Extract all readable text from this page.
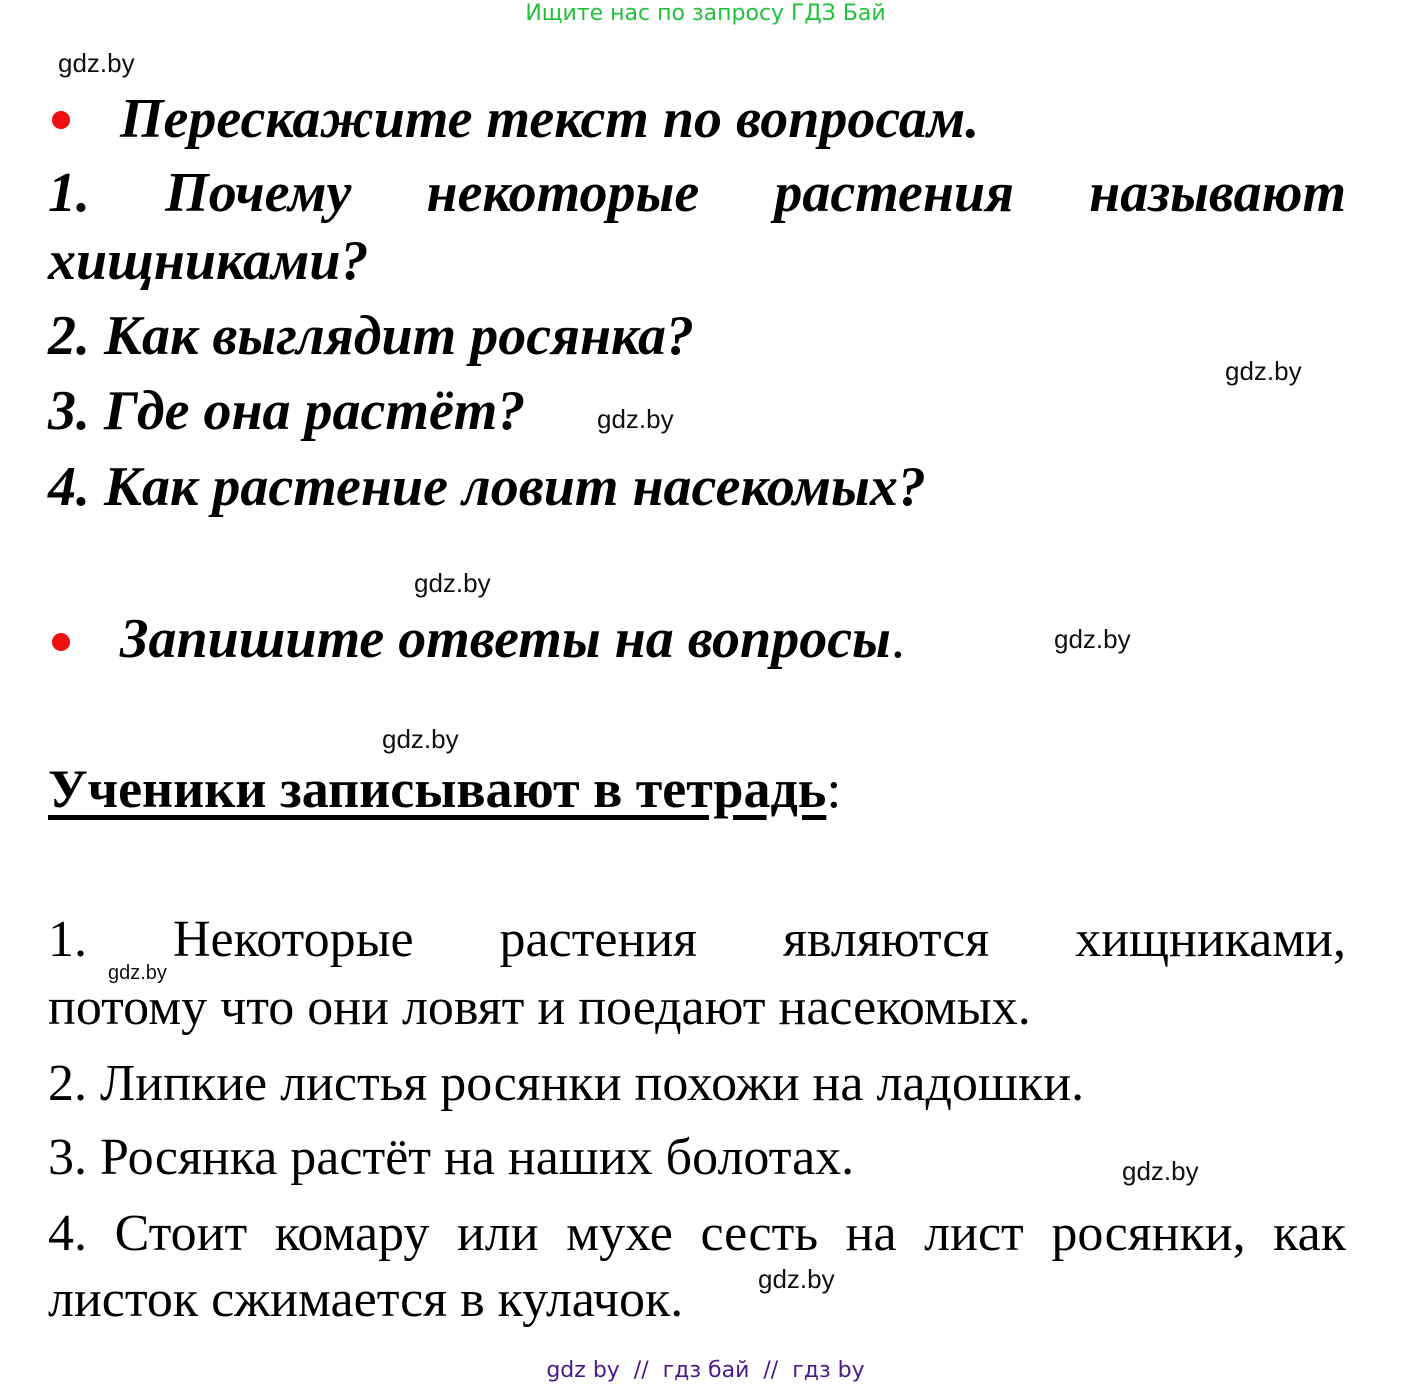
Ищите нас по запросу ГДЗ Бай
gdz.by
gdz.by
gdz.by
gdz.by
gdz.by
gdz.by
gdz.by
gdz.by
gdz.by
Перескажите текст по вопросам.
1. Почему некоторые растения называют
хищниками?
2. Как выглядит росянка?
3. Где она растёт?
4. Как растение ловит насекомых?
Запишите ответы на вопросы.
Ученики записывают в тетрадь:
1. Некоторые растения являются хищниками,
потому что они ловят и поедают насекомых.
2. Липкие листья росянки похожи на ладошки.
3. Росянка растёт на наших болотах.
4. Стоит комару или мухе сесть на лист росянки, как
листок сжимается в кулачок.
gdz by  //  гдз бай  //  гдз by
